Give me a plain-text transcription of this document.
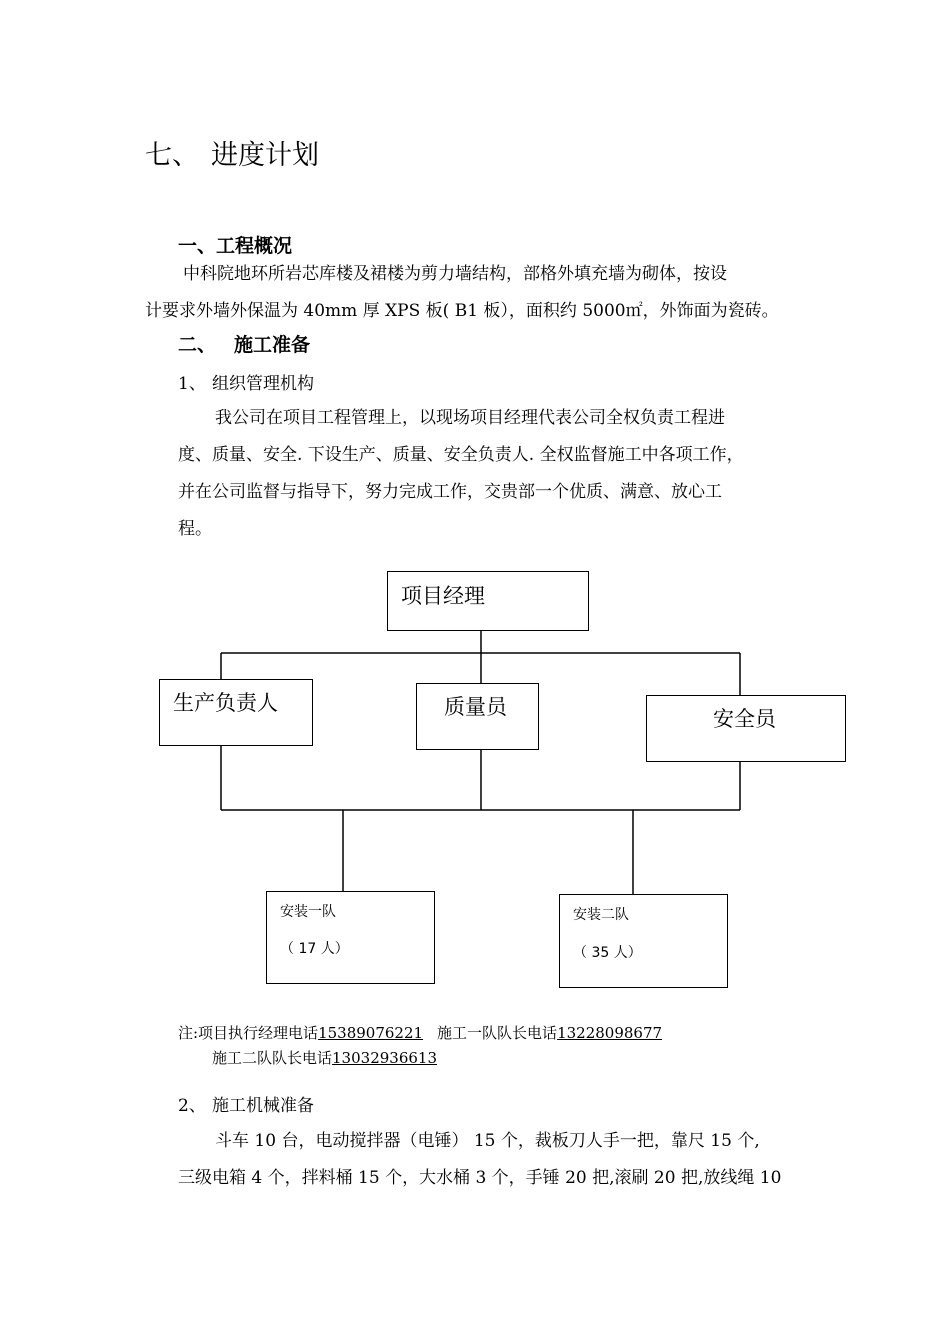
七、 进度计划
一、工程概况
中科院地环所岩芯库楼及裙楼为剪力墙结构，部格外填充墙为砌体，按设
计要求外墙外保温为 40mm 厚 XPS 板( B1 板），面积约 5000㎡，外饰面为瓷砖。
二、 施工准备
1、 组织管理机构
我公司在项目工程管理上，以现场项目经理代表公司全权负责工程进
度、质量、安全. 下设生产、质量、安全负责人. 全权监督施工中各项工作，
并在公司监督与指导下，努力完成工作，交贵部一个优质、满意、放心工
程。
项目经理
生产负责人	质量员	安全员
安装一队
（ 17 人）
安装二队
（ 35 人）
注:项目执行经理电话15389076221 施工一队队长电话13228098677
施工二队队长电话13032936613
2、 施工机械准备
斗车 10 台，电动搅拌器（电锤） 15 个，裁板刀人手一把，靠尺 15 个,
三级电箱 4 个，拌料桶 15 个，大水桶 3 个，手锤 20 把,滚刷 20 把,放线绳 10
